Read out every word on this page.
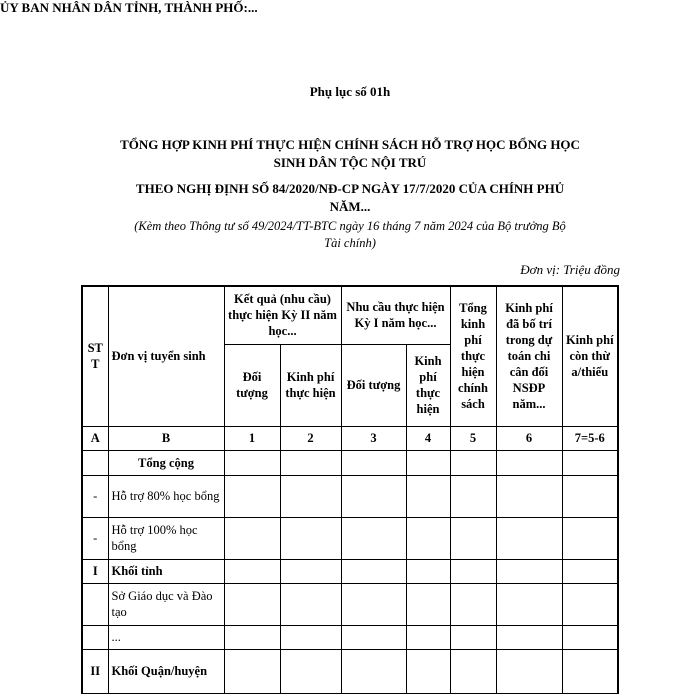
Phụ lục số 01h
ỦY BAN NHÂN DÂN TỈNH, THÀNH PHỐ:...
TỔNG HỢP KINH PHÍ THỰC HIỆN CHÍNH SÁCH HỖ TRỢ HỌC BỔNG HỌC
SINH DÂN TỘC NỘI TRÚ
THEO NGHỊ ĐỊNH SỐ 84/2020/NĐ-CP NGÀY 17/7/2020 CỦA CHÍNH PHỦ
NĂM...
(Kèm theo Thông tư số 49/2024/TT-BTC ngày 16 tháng 7 năm 2024 của Bộ trưởng Bộ
Tài chính)
Đơn vị: Triệu đồng
STT	Đơn vị tuyển sinh	Kết quả (nhu cầu) thực hiện Kỳ II năm học...		Nhu cầu thực hiện Kỳ I năm học...		Tổng kinh phí thực hiện chính sách	Kinh phí đã bố trí trong dự toán chi cân đối NSĐP năm...	Kinh phí còn thừa/thiếu
		Đối tượng	Kinh phí thực hiện	Đối tượng	Kinh phí thực hiện			
A	B	1	2	3	4	5	6	7=5-6
	Tổng cộng							
-	Hỗ trợ 80% học bổng							
-	Hỗ trợ 100% học bổng							
I	Khối tỉnh							
	Sở Giáo dục và Đào tạo							
	...							
II	Khối Quận/huyện							
